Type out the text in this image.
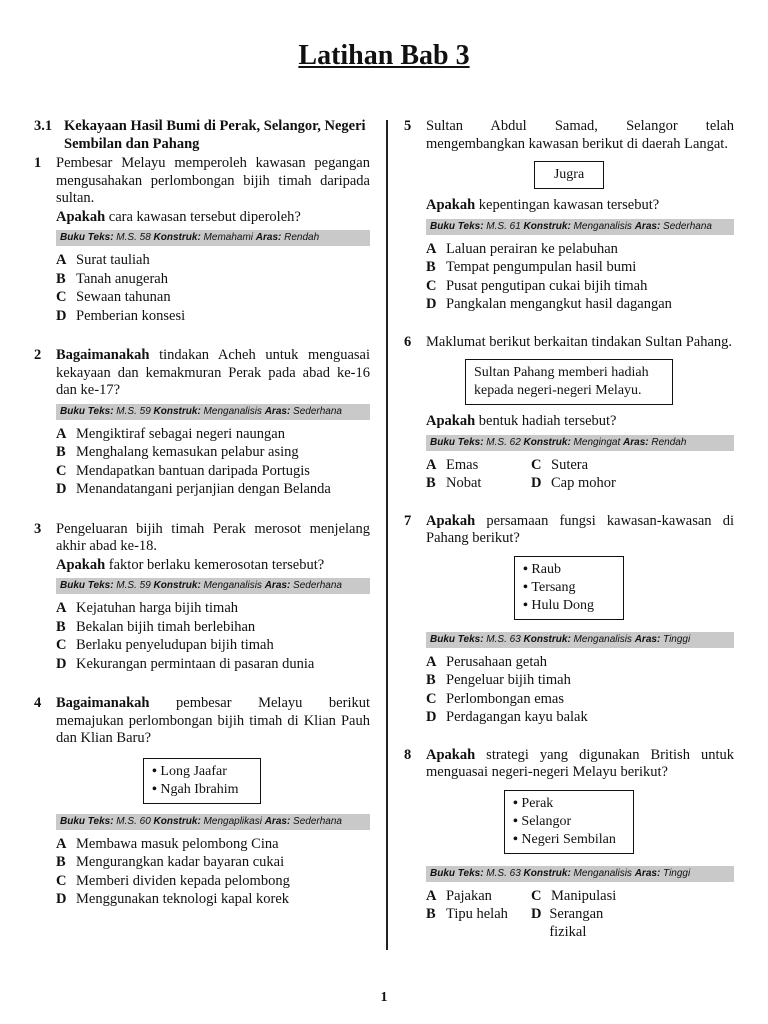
Latihan Bab 3
3.1 Kekayaan Hasil Bumi di Perak, Selangor, Negeri Sembilan dan Pahang
1	Pembesar Melayu memperoleh kawasan pegangan mengusahakan perlombongan bijih timah daripada sultan.
Apakah cara kawasan tersebut diperoleh?
Buku Teks: M.S. 58 Konstruk: Memahami Aras: Rendah
A Surat tauliah
B Tanah anugerah
C Sewaan tahunan
D Pemberian konsesi
2	Bagaimanakah tindakan Acheh untuk menguasai kekayaan dan kemakmuran Perak pada abad ke-16 dan ke-17?
Buku Teks: M.S. 59 Konstruk: Menganalisis Aras: Sederhana
A Mengiktiraf sebagai negeri naungan
B Menghalang kemasukan pelabur asing
C Mendapatkan bantuan daripada Portugis
D Menandatangani perjanjian dengan Belanda
3	Pengeluaran bijih timah Perak merosot menjelang akhir abad ke-18.
Apakah faktor berlaku kemerosotan tersebut?
Buku Teks: M.S. 59 Konstruk: Menganalisis Aras: Sederhana
A Kejatuhan harga bijih timah
B Bekalan bijih timah berlebihan
C Berlaku penyeludupan bijih timah
D Kekurangan permintaan di pasaran dunia
4	Bagaimanakah pembesar Melayu berikut memajukan perlombongan bijih timah di Klian Pauh dan Klian Baru?
• Long Jaafar
• Ngah Ibrahim
Buku Teks: M.S. 60 Konstruk: Mengaplikasi Aras: Sederhana
A Membawa masuk pelombong Cina
B Mengurangkan kadar bayaran cukai
C Memberi dividen kepada pelombong
D Menggunakan teknologi kapal korek
5	Sultan Abdul Samad, Selangor telah mengembangkan kawasan berikut di daerah Langat.
Jugra
Apakah kepentingan kawasan tersebut?
Buku Teks: M.S. 61 Konstruk: Menganalisis Aras: Sederhana
A Laluan perairan ke pelabuhan
B Tempat pengumpulan hasil bumi
C Pusat pengutipan cukai bijih timah
D Pangkalan mengangkut hasil dagangan
6	Maklumat berikut berkaitan tindakan Sultan Pahang.
Sultan Pahang memberi hadiah kepada negeri-negeri Melayu.
Apakah bentuk hadiah tersebut?
Buku Teks: M.S. 62 Konstruk: Mengingat Aras: Rendah
A Emas	C Sutera
B Nobat	D Cap mohor
7	Apakah persamaan fungsi kawasan-kawasan di Pahang berikut?
• Raub
• Tersang
• Hulu Dong
Buku Teks: M.S. 63 Konstruk: Menganalisis Aras: Tinggi
A Perusahaan getah
B Pengeluar bijih timah
C Perlombongan emas
D Perdagangan kayu balak
8	Apakah strategi yang digunakan British untuk menguasai negeri-negeri Melayu berikut?
• Perak
• Selangor
• Negeri Sembilan
Buku Teks: M.S. 63 Konstruk: Menganalisis Aras: Tinggi
A Pajakan	C Manipulasi
B Tipu helah D Serangan fizikal
1
